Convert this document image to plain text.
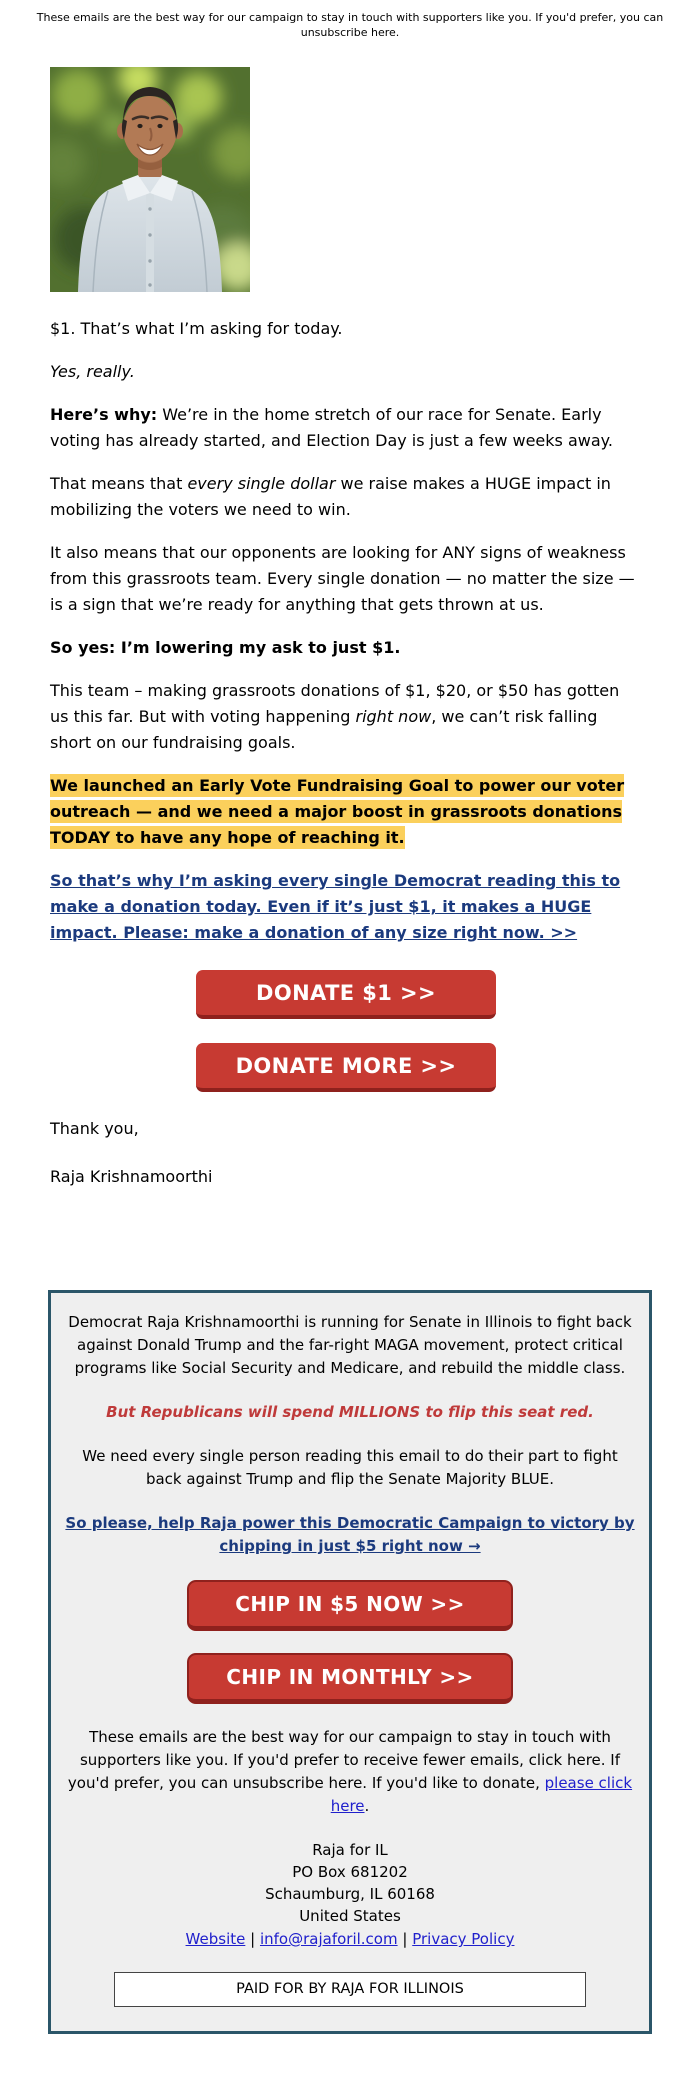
These emails are the best way for our campaign to stay in touch with supporters like you. If you'd prefer, you can unsubscribe here.

$1. That’s what I’m asking for today.

Yes, really.

Here’s why: We’re in the home stretch of our race for Senate. Early voting has already started, and Election Day is just a few weeks away.

That means that every single dollar we raise makes a HUGE impact in mobilizing the voters we need to win.

It also means that our opponents are looking for ANY signs of weakness from this grassroots team. Every single donation — no matter the size — is a sign that we’re ready for anything that gets thrown at us.

So yes: I’m lowering my ask to just $1.

This team – making grassroots donations of $1, $20, or $50 has gotten us this far. But with voting happening right now, we can’t risk falling short on our fundraising goals.

We launched an Early Vote Fundraising Goal to power our voter outreach — and we need a major boost in grassroots donations TODAY to have any hope of reaching it.

So that’s why I’m asking every single Democrat reading this to make a donation today. Even if it’s just $1, it makes a HUGE impact. Please: make a donation of any size right now. >>

DONATE $1 >>
DONATE MORE >>

Thank you,

Raja Krishnamoorthi

Democrat Raja Krishnamoorthi is running for Senate in Illinois to fight back against Donald Trump and the far-right MAGA movement, protect critical programs like Social Security and Medicare, and rebuild the middle class.

But Republicans will spend MILLIONS to flip this seat red.

We need every single person reading this email to do their part to fight back against Trump and flip the Senate Majority BLUE.

So please, help Raja power this Democratic Campaign to victory by chipping in just $5 right now →

CHIP IN $5 NOW >>
CHIP IN MONTHLY >>

These emails are the best way for our campaign to stay in touch with supporters like you. If you'd prefer to receive fewer emails, click here. If you'd prefer, you can unsubscribe here. If you'd like to donate, please click here.

Raja for IL

PO Box 681202

Schaumburg, IL 60168

United States

Website | info@rajaforil.com | Privacy Policy

PAID FOR BY RAJA FOR ILLINOIS
